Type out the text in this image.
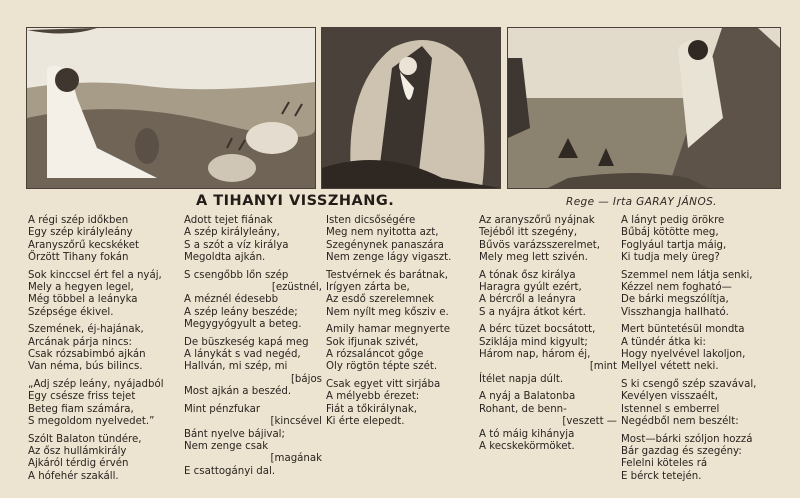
A TIHANYI VISSZHANG.	Rege — Irta GARAY JÁNOS.
A régi szép időkben
Egy szép királyleány
Aranyszőrű kecskéket
Őrzött Tihany fokán
Sok kinccsel ért fel a nyáj,
Mely a hegyen legel,
Még többel a leányka
Szépsége ékivel.
Szemének, éj-hajának,
Arcának párja nincs:
Csak rózsabimbó ajkán
Van néma, bús bilincs.
„Adj szép leány, nyájadból
Egy csésze friss tejet
Beteg fiam számára,
S megoldom nyelvedet.”
Szólt Balaton tündére,
Az ősz hullámkirály
Ajkáról térdig érvén
A hófehér szakáll.
Adott tejet fiának
A szép királyleány,
S a szót a víz királya
Megoldta ajkán.
S csengőbb lőn szép
[ezüstnél,
A méznél édesebb
A szép leány beszéde;
Megygyógyult a beteg.
De büszkeség kapá meg
A lánykát s vad negéd,
Hallván, mi szép, mi
[bájos
Most ajkán a beszéd.
Mint pénzfukar
[kincsével
Bánt nyelve bájival;
Nem zenge csak
[magának
E csattogányi dal.
Isten dicsőségére
Meg nem nyitotta azt,
Szegénynek panaszára
Nem zenge lágy vigaszt.
Testvérnek és barátnak,
Irígyen zárta be,
Az esdő szerelemnek
Nem nyílt meg kősziv e.
Amily hamar megnyerte
Sok ifjunak szivét,
A rózsaláncot gőge
Oly rögtön tépte szét.
Csak egyet vitt sirjába
A mélyebb érezet:
Fiát a tőkirálynak,
Ki érte elepedt.
Az aranyszőrű nyájnak
Tejéből itt szegény,
Bűvös varázsszerelmet,
Mely meg lett szivén.
A tónak ősz királya
Haragra gyúlt ezért,
A bércről a leányra
S a nyájra átkot kért.
A bérc tüzet bocsátott,
Sziklája mind kigyult;
Három nap, három éj,
[mint
Ítélet napja dúlt.
A nyáj a Balatonba
Rohant, de benn-
[veszett —
A tó máig kihányja
A kecskekörmöket.
A lányt pedig örökre
Bűbáj kötötte meg,
Foglyául tartja máig,
Ki tudja mely üreg?
Szemmel nem látja senki,
Kézzel nem fogható—
De bárki megszólítja,
Visszhangja hallható.
Mert büntetésül mondta
A tündér átka ki:
Hogy nyelvével lakoljon,
Mellyel vétett neki.
S ki csengő szép szavával,
Kevélyen visszaélt,
Istennel s emberrel
Negédből nem beszélt:
Most—bárki szóljon hozzá
Bár gazdag és szegény:
Felelni köteles rá
E bérck tetején.
